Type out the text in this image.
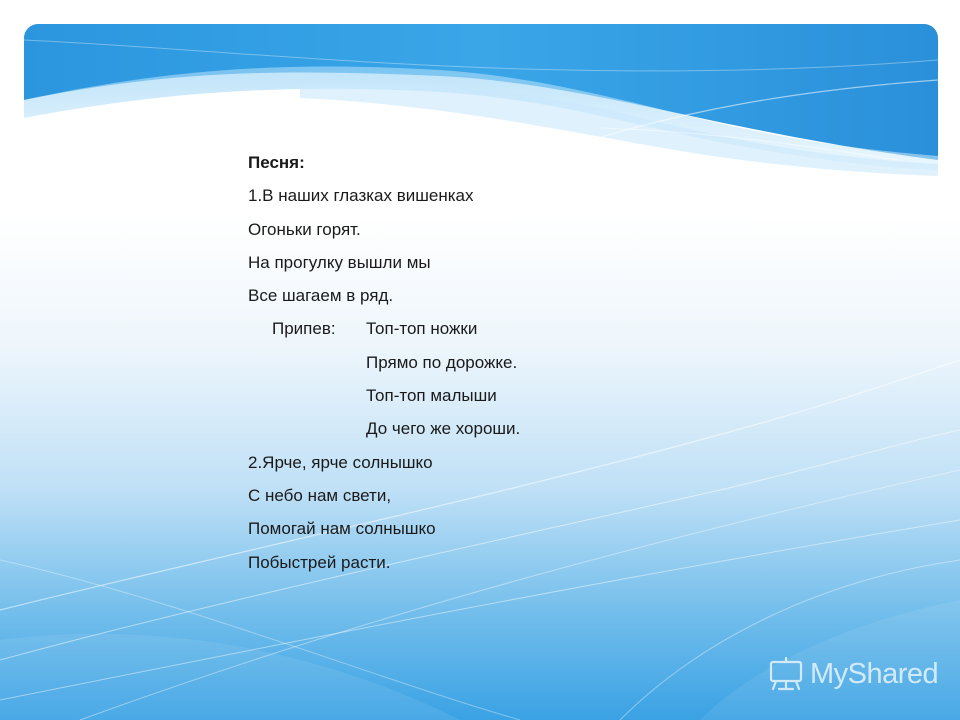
Песня:
1.В наших глазках вишенках
Огоньки горят.
На прогулку вышли мы
Все шагаем в ряд.
Припев: Топ-топ ножки
Прямо по дорожке.
Топ-топ малыши
До чего же хороши.
2.Ярче, ярче солнышко
С небо нам свети,
Помогай нам солнышко
Побыстрей расти.
MyShared
